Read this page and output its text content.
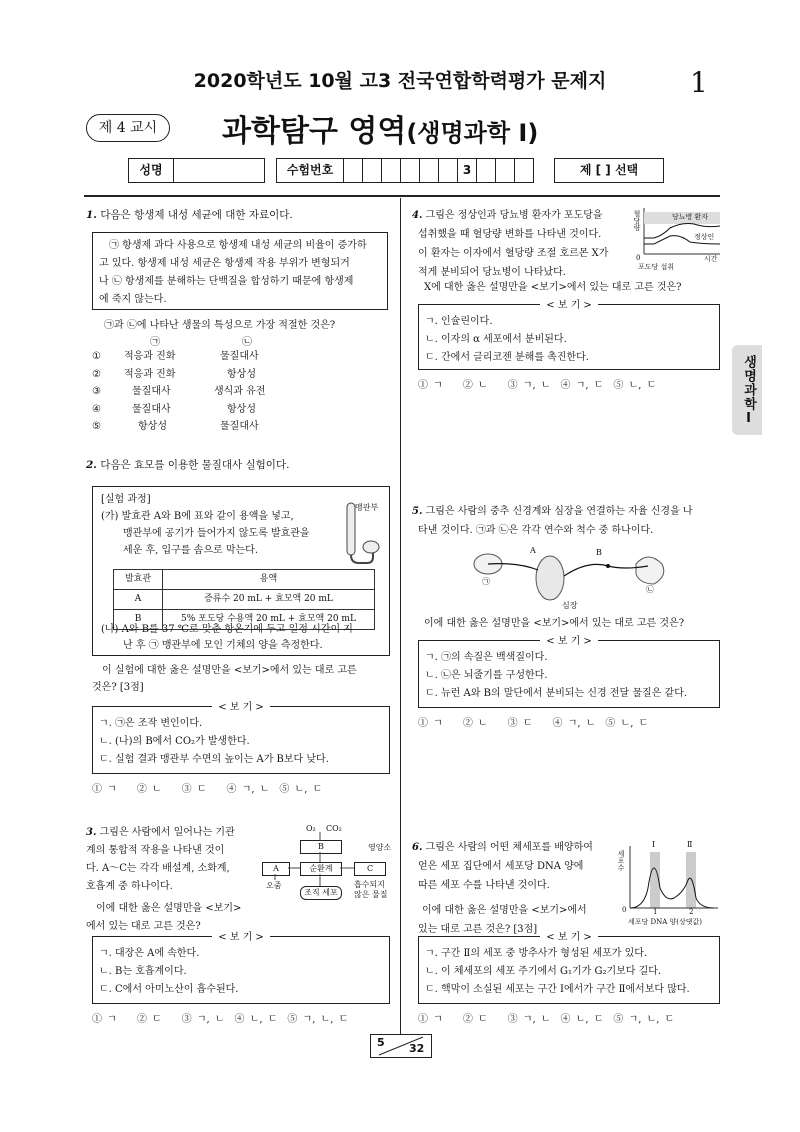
2020학년도 10월 고3 전국연합학력평가 문제지	1
제 4 교시	과학탐구 영역(생명과학 Ⅰ)
성명	수험번호	3	제 [ ] 선택
생명과학Ⅰ
1. 다음은 항생제 내성 세균에 대한 자료이다.
㉠ 항생제 과다 사용으로 항생제 내성 세균의 비율이 증가하
고 있다. 항생제 내성 세균은 항생제 작용 부위가 변형되거
나 ㉡ 항생제를 분해하는 단백질을 합성하기 때문에 항생제
에 죽지 않는다.
㉠과 ㉡에 나타난 생물의 특성으로 가장 적절한 것은?
㉠	㉡
① 적응과 진화	물질대사
② 적응과 진화	항상성
③	물질대사	생식과 유전
④	물질대사	항상성
⑤	항상성	물질대사
2. 다음은 효모를 이용한 물질대사 실험이다.
[실험 과정]
(가) 발효관 A와 B에 표와 같이 용액을 넣고,
맹관부에 공기가 들어가지 않도록 발효관을
세운 후, 입구를 솜으로 막는다.
맹관부
발효관	용액
A	증류수 20 mL + 효모액 20 mL
B	5% 포도당 수용액 20 mL + 효모액 20 mL
(나) A와 B를 37 ℃로 맞춘 항온기에 두고 일정 시간이 지
난 후 ㉠ 맹관부에 모인 기체의 양을 측정한다.
이 실험에 대한 옳은 설명만을 <보기>에서 있는 대로 고른
것은? [3점]
< 보 기 >
ㄱ. ㉠은 조작 변인이다.
ㄴ. (나)의 B에서 CO₂가 발생한다.
ㄷ. 실험 결과 맹관부 수면의 높이는 A가 B보다 낮다.
① ㄱ　　② ㄴ　　③ ㄷ　　④ ㄱ, ㄴ　⑤ ㄴ, ㄷ
3. 그림은 사람에서 일어나는 기관
계의 통합적 작용을 나타낸 것이
다. A～C는 각각 배설계, 소화계,
호흡계 중 하나이다.
이에 대한 옳은 설명만을 <보기>
에서 있는 대로 고른 것은?
O₂ CO₂
B	영양소
A	순환계	C
오줌
조직 세포
흡수되지 않은 물질
< 보 기 >
ㄱ. 대장은 A에 속한다.
ㄴ. B는 호흡계이다.
ㄷ. C에서 아미노산이 흡수된다.
① ㄱ　　② ㄷ　　③ ㄱ, ㄴ　④ ㄴ, ㄷ　⑤ ㄱ, ㄴ, ㄷ
4. 그림은 정상인과 당뇨병 환자가 포도당을
섭취했을 때 혈당량 변화를 나타낸 것이다.
이 환자는 이자에서 혈당량 조절 호르몬 X가
적게 분비되어 당뇨병이 나타났다.
혈당량	당뇨병 환자
정상인
시간
0
포도당 섭취
X에 대한 옳은 설명만을 <보기>에서 있는 대로 고른 것은?
< 보 기 >
ㄱ. 인슐린이다.
ㄴ. 이자의 α 세포에서 분비된다.
ㄷ. 간에서 글리코젠 분해를 촉진한다.
① ㄱ　　② ㄴ　　③ ㄱ, ㄴ　④ ㄱ, ㄷ　⑤ ㄴ, ㄷ
5. 그림은 사람의 중추 신경계와 심장을 연결하는 자율 신경을 나
타낸 것이다. ㉠과 ㉡은 각각 연수와 척수 중 하나이다.
A	B
㉠
㉡
심장
이에 대한 옳은 설명만을 <보기>에서 있는 대로 고른 것은?
< 보 기 >
ㄱ. ㉠의 속질은 백색질이다.
ㄴ. ㉡은 뇌줄기를 구성한다.
ㄷ. 뉴런 A와 B의 말단에서 분비되는 신경 전달 물질은 같다.
① ㄱ　　② ㄴ　　③ ㄷ　　④ ㄱ, ㄴ　⑤ ㄴ, ㄷ
6. 그림은 사람의 어떤 체세포를 배양하여
얻은 세포 집단에서 세포당 DNA 양에
따른 세포 수를 나타낸 것이다.
이에 대한 옳은 설명만을 <보기>에서
있는 대로 고른 것은? [3점]
세포수
Ⅰ	Ⅱ
0	1	2
세포당 DNA 양(상댓값)
< 보 기 >
ㄱ. 구간 Ⅱ의 세포 중 방추사가 형성된 세포가 있다.
ㄴ. 이 체세포의 세포 주기에서 G₁기가 G₂기보다 길다.
ㄷ. 핵막이 소실된 세포는 구간 Ⅰ에서가 구간 Ⅱ에서보다 많다.
① ㄱ　　② ㄷ　　③ ㄱ, ㄴ　④ ㄴ, ㄷ　⑤ ㄱ, ㄴ, ㄷ
5 32
